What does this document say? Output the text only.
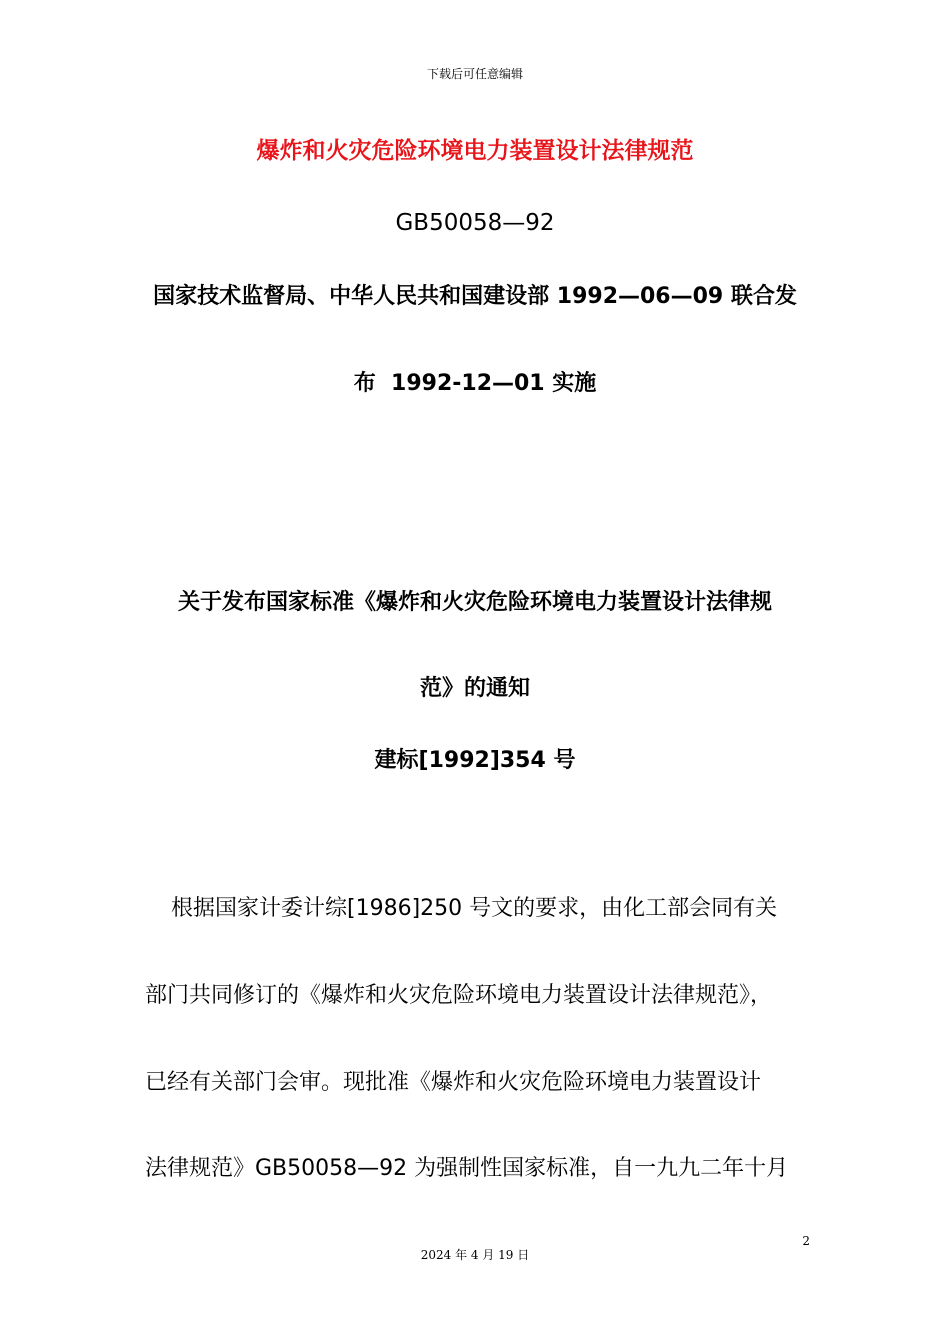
下载后可任意编辑
爆炸和火灾危险环境电力装置设计法律规范
GB50058—92
国家技术监督局、中华人民共和国建设部 1992—06—09 联合发
布  1992-12—01 实施
关于发布国家标准《爆炸和火灾危险环境电力装置设计法律规
范》的通知
建标[1992]354 号
根据国家计委计综[1986]250 号文的要求，由化工部会同有关
部门共同修订的《爆炸和火灾危险环境电力装置设计法律规范》，
已经有关部门会审。现批准《爆炸和火灾危险环境电力装置设计
法律规范》GB50058—92 为强制性国家标准，自一九九二年十月
2
2024 年 4 月 19 日
